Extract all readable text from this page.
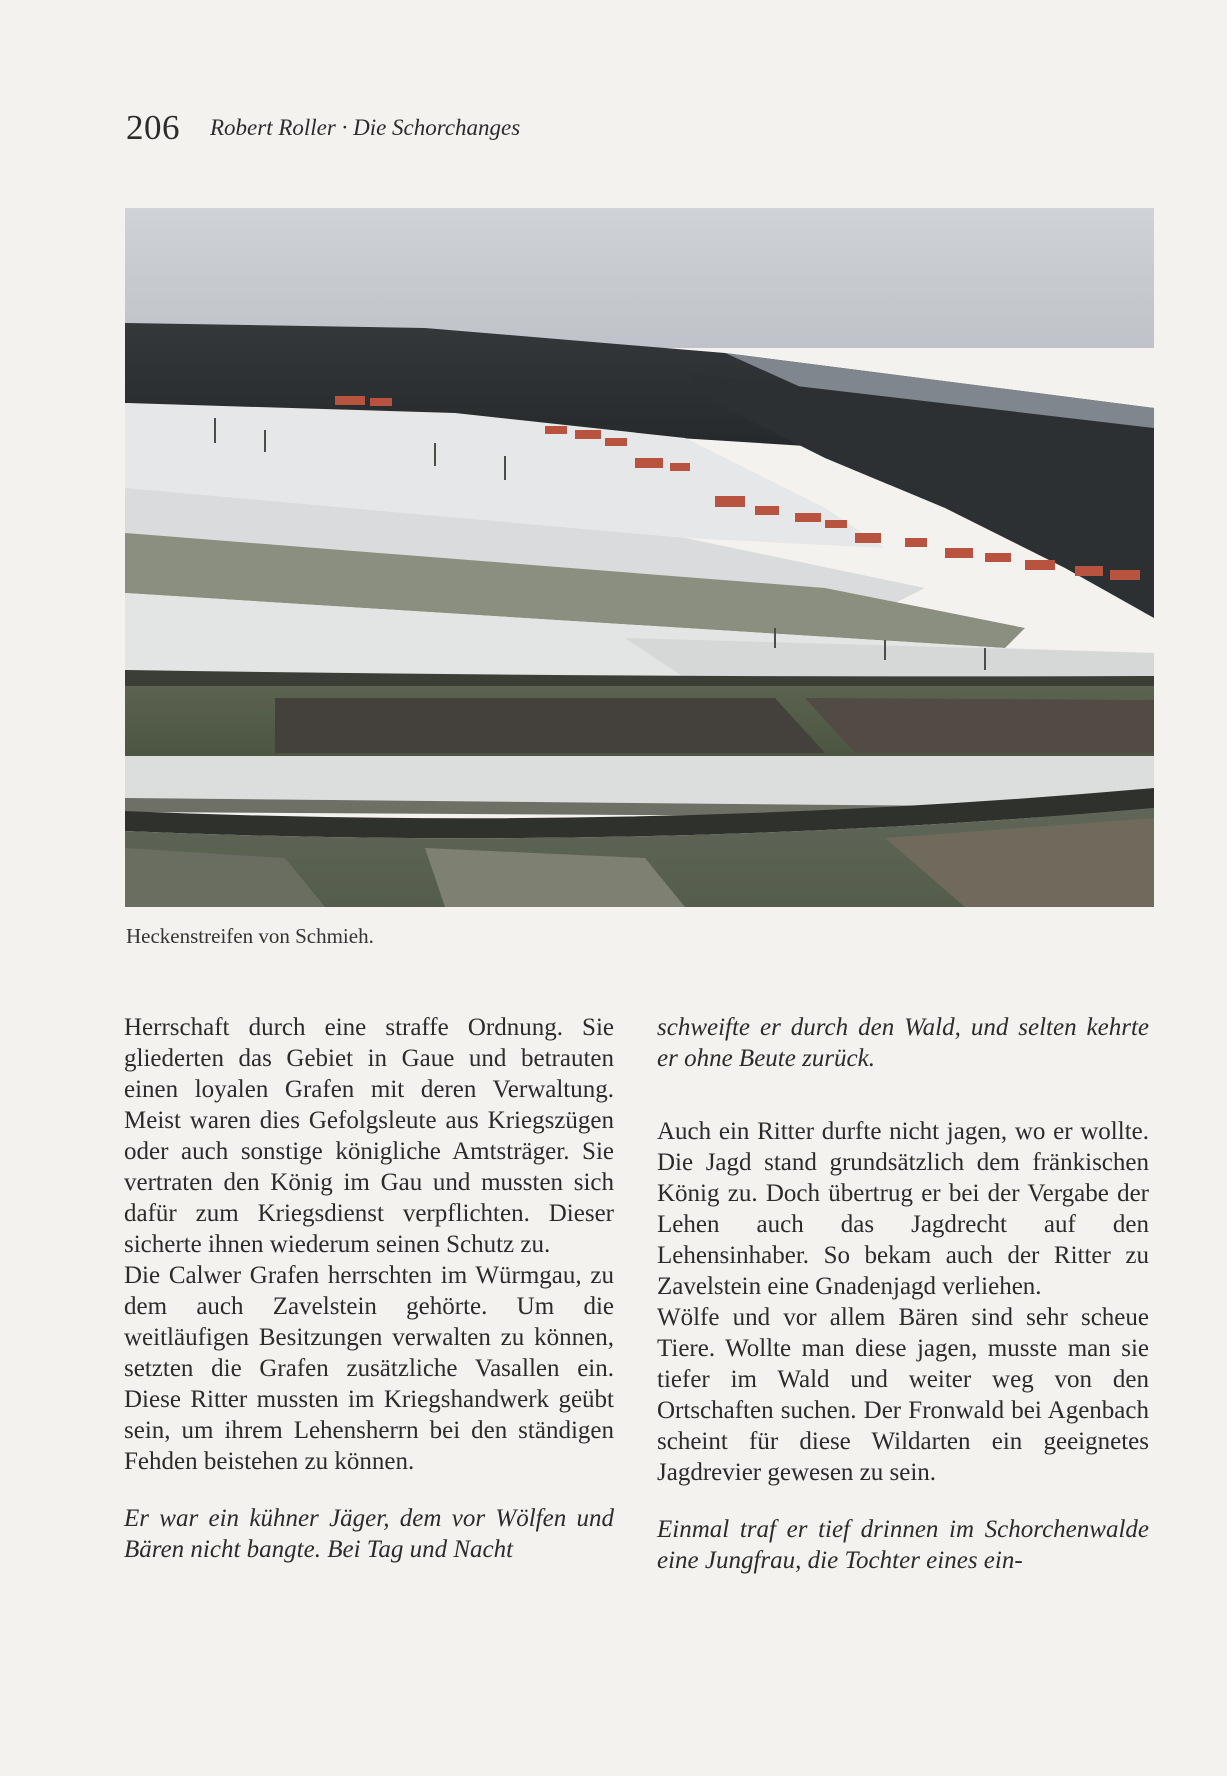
206 Robert Roller · Die Schorchanges
Heckenstreifen von Schmieh.

Herrschaft durch eine straffe Ordnung. Sie gliederten das Gebiet in Gaue und betrauten einen loyalen Grafen mit deren Verwaltung. Meist waren dies Gefolgsleute aus Kriegszügen oder auch sonstige königliche Amtsträger. Sie vertraten den König im Gau und mussten sich dafür zum Kriegsdienst verpflichten. Dieser sicherte ihnen wiederum seinen Schutz zu.

Die Calwer Grafen herrschten im Würmgau, zu dem auch Zavelstein gehörte. Um die weitläufigen Besitzungen verwalten zu können, setzten die Grafen zusätzliche Vasallen ein. Diese Ritter mussten im Kriegshandwerk geübt sein, um ihrem Lehensherrn bei den ständigen Fehden beistehen zu können.

Er war ein kühner Jäger, dem vor Wölfen und Bären nicht bangte. Bei Tag und Nacht

schweifte er durch den Wald, und selten kehrte er ohne Beute zurück.

Auch ein Ritter durfte nicht jagen, wo er wollte. Die Jagd stand grundsätzlich dem fränkischen König zu. Doch übertrug er bei der Vergabe der Lehen auch das Jagdrecht auf den Lehensinhaber. So bekam auch der Ritter zu Zavelstein eine Gnadenjagd verliehen.

Wölfe und vor allem Bären sind sehr scheue Tiere. Wollte man diese jagen, musste man sie tiefer im Wald und weiter weg von den Ortschaften suchen. Der Fronwald bei Agenbach scheint für diese Wildarten ein geeignetes Jagdrevier gewesen zu sein.

Einmal traf er tief drinnen im Schorchenwalde eine Jungfrau, die Tochter eines ein-
